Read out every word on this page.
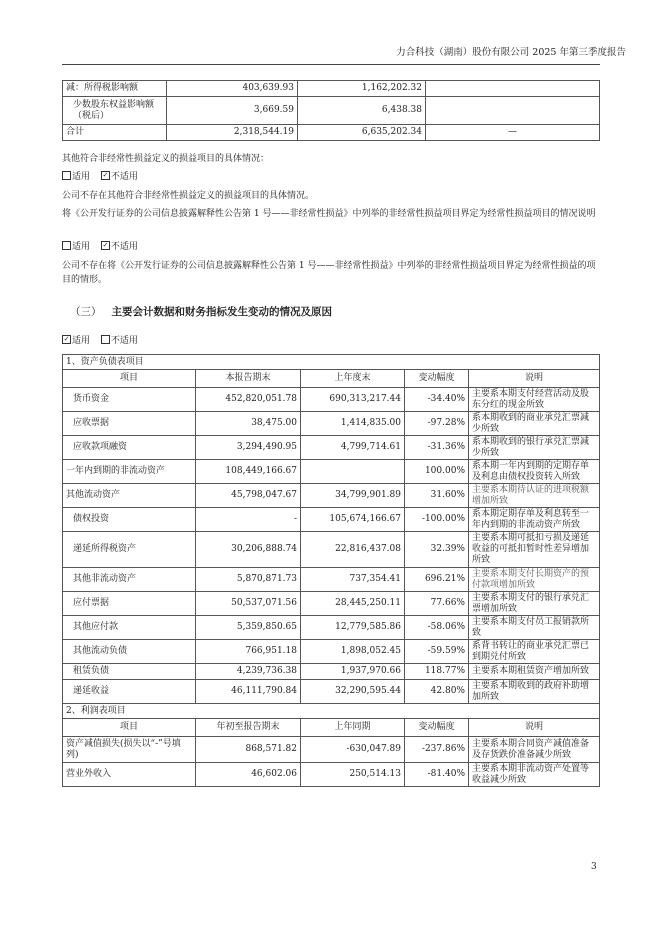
力合科技（湖南）股份有限公司 2025 年第三季度报告
减：所得税影响额	403,639.93	1,162,202.32	
少数股东权益影响额（税后）	3,669.59	6,438.38	
合计	2,318,544.19	6,635,202.34	—
其他符合非经常性损益定义的损益项目的具体情况：
适用 ✓ 不适用
公司不存在其他符合非经常性损益定义的损益项目的具体情况。
将《公开发行证券的公司信息披露解释性公告第 1 号——非经常性损益》中列举的非经常性损益项目界定为经常性损益项目的情况说明
适用 ✓ 不适用
公司不存在将《公开发行证券的公司信息披露解释性公告第 1 号——非经常性损益》中列举的非经常性损益项目界定为经常性损益的项目的情形。
（三） 主要会计数据和财务指标发生变动的情况及原因
✓ 适用 不适用
1、资产负债表项目				
项目	本报告期末	上年度末	变动幅度	说明
货币资金	452,820,051.78	690,313,217.44	-34.40%	主要系本期支付经营活动及股东分红的现金所致
应收票据	38,475.00	1,414,835.00	-97.28%	系本期收到的商业承兑汇票减少所致
应收款项融资	3,294,490.95	4,799,714.61	-31.36%	系本期收到的银行承兑汇票减少所致
一年内到期的非流动资产	108,449,166.67		100.00%	系本期一年内到期的定期存单及利息由债权投资转入所致
其他流动资产	45,798,047.67	34,799,901.89	31.60%	主要系本期待认证的进项税额增加所致
债权投资	-	105,674,166.67	-100.00%	系本期定期存单及利息转至一年内到期的非流动资产所致
递延所得税资产	30,206,888.74	22,816,437.08	32.39%	主要系本期可抵扣亏损及递延收益的可抵扣暂时性差异增加所致
其他非流动资产	5,870,871.73	737,354.41	696.21%	主要系本期支付长期资产的预付款项增加所致
应付票据	50,537,071.56	28,445,250.11	77.66%	主要系本期支付的银行承兑汇票增加所致
其他应付款	5,359,850.65	12,779,585.86	-58.06%	主要系本期支付员工报销款所致
其他流动负债	766,951.18	1,898,052.45	-59.59%	系背书转让的商业承兑汇票已到期兑付所致
租赁负债	4,239,736.38	1,937,970.66	118.77%	主要系本期租赁资产增加所致
递延收益	46,111,790.84	32,290,595.44	42.80%	主要系本期收到的政府补助增加所致
2、利润表项目				
项目	年初至报告期末	上年同期	变动幅度	说明
资产减值损失(损失以“-”号填列)	868,571.82	-630,047.89	-237.86%	主要系本期合同资产减值准备及存货跌价准备减少所致
营业外收入	46,602.06	250,514.13	-81.40%	主要系本期非流动资产处置等收益减少所致
3
